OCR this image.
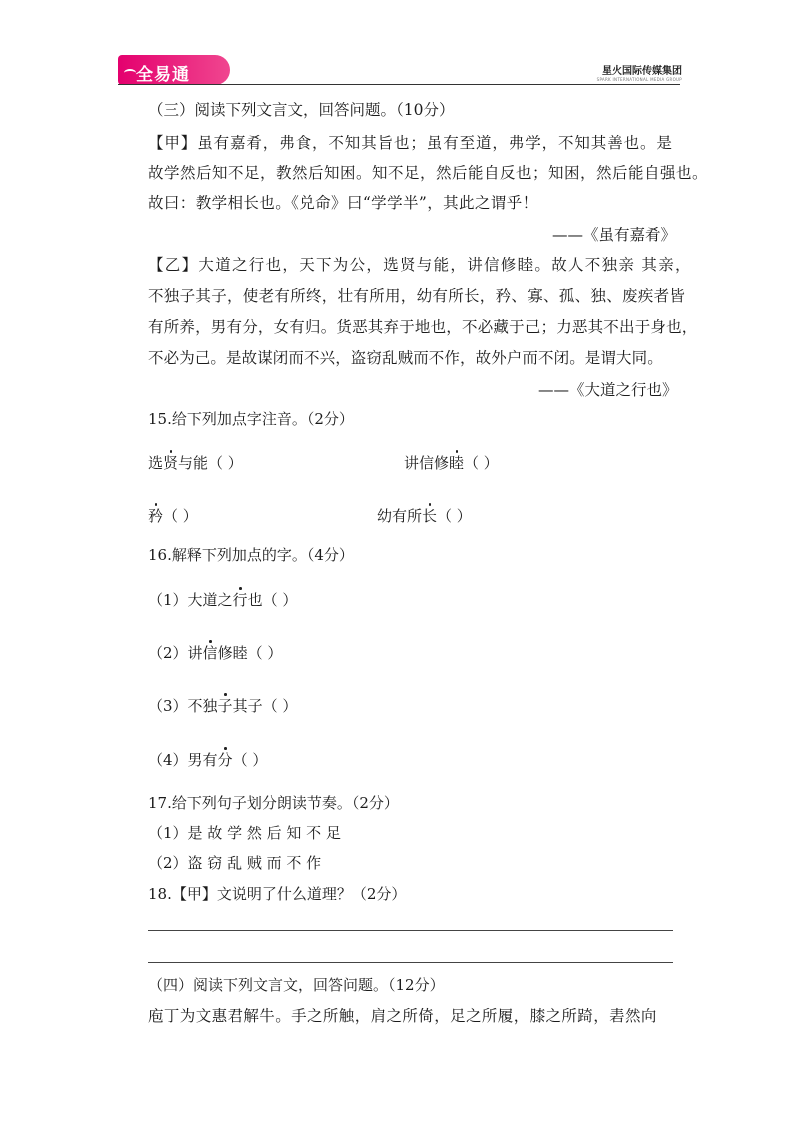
全易通	星火国际传媒集团
SPARK INTERNATIONAL MEDIA GROUP
（三）阅读下列文言文，回答问题。（10分）
【甲】虽有嘉肴，弗食，不知其旨也；虽有至道，弗学，不知其善也。是
故学然后知不足，教然后知困。知不足，然后能自反也；知困，然后能自强也。
故曰：教学相长也。《兑命》曰“学学半”，其此之谓乎！
——《虽有嘉肴》
【乙】大道之行也，天下为公，选贤与能，讲信修睦。故人不独亲 其亲，
不独子其子，使老有所终，壮有所用，幼有所长，矜、寡、孤、独、废疾者皆
有所养，男有分，女有归。货恶其弃于地也，不必藏于己；力恶其不出于身也，
不必为己。是故谋闭而不兴，盗窃乱贼而不作，故外户而不闭。是谓大同。
——《大道之行也》
15.给下列加点字注音。（2分）
选贤与能（ ）	讲信修睦（ ）
矜（ ）	幼有所长（ ）
16.解释下列加点的字。（4分）
（1）大道之行也（ ）
（2）讲信修睦（ ）
（3）不独子其子（ ）
（4）男有分（ ）
17.给下列句子划分朗读节奏。（2分）
（1）是 故 学 然 后 知 不 足
（2）盗 窃 乱 贼 而 不 作
18.【甲】文说明了什么道理？（2分）
（四）阅读下列文言文，回答问题。（12分）
庖丁为文惠君解牛。手之所触，肩之所倚，足之所履，膝之所踦，砉然向
